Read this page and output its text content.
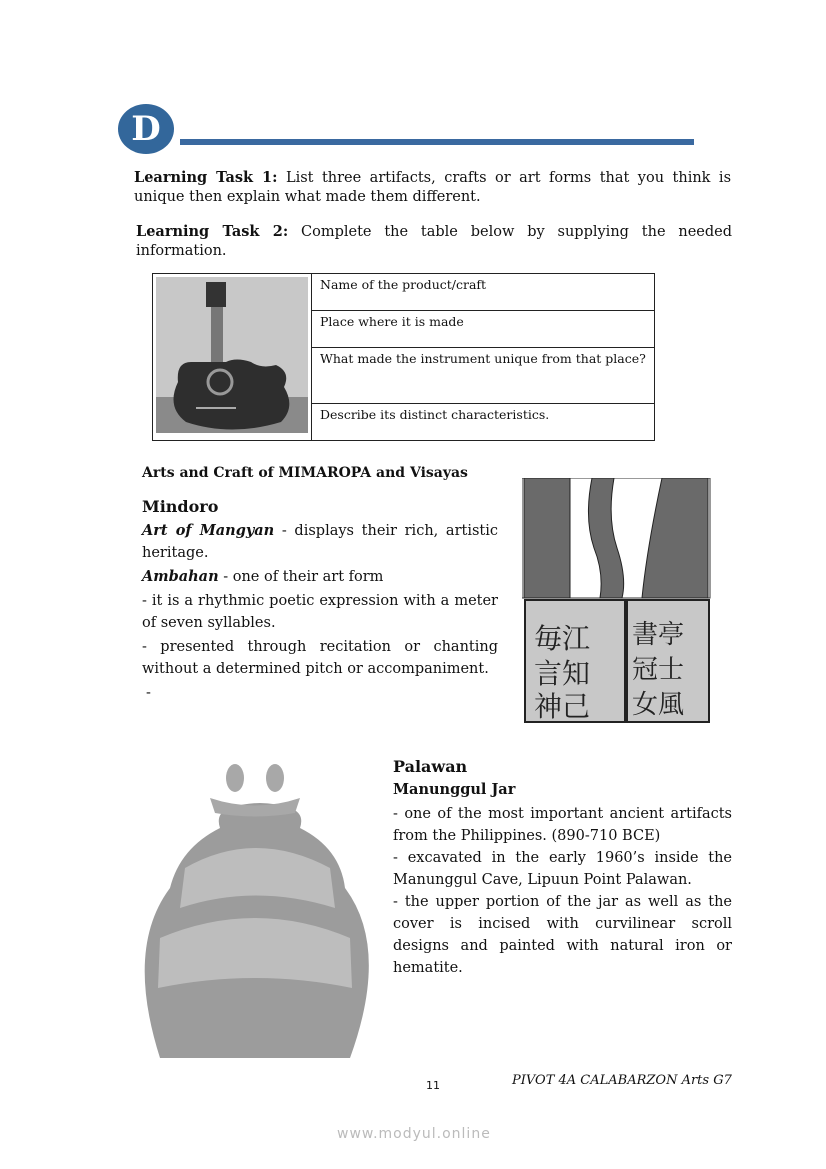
D
Learning Task 1: List three artifacts, crafts or art forms that you think is unique then explain what made them different.
Learning Task 2: Complete the table below by supplying the needed information.
	Name of the product/craft
Place where it is made
What made the instrument unique from that place?
Describe its distinct characteristics.
Arts and Craft of MIMAROPA and Visayas
Mindoro
Art of Mangyan - displays their rich, artistic heritage.
Ambahan - one of their art form
- it is a rhythmic poetic expression with a meter of seven syllables.
- presented through recitation or chanting without a determined pitch or accompaniment.
-
毎江
言知
神己
書亭
冠士
女風
Palawan
Manunggul Jar
- one of the most important ancient artifacts from the Philippines. (890-710 BCE)
- excavated in the early 1960’s inside the Manunggul Cave, Lipuun Point Palawan.
- the upper portion of the jar as well as the cover is incised with curvilinear scroll designs and painted with natural iron or hematite.
11	PIVOT 4A CALABARZON Arts G7
www.modyul.online
